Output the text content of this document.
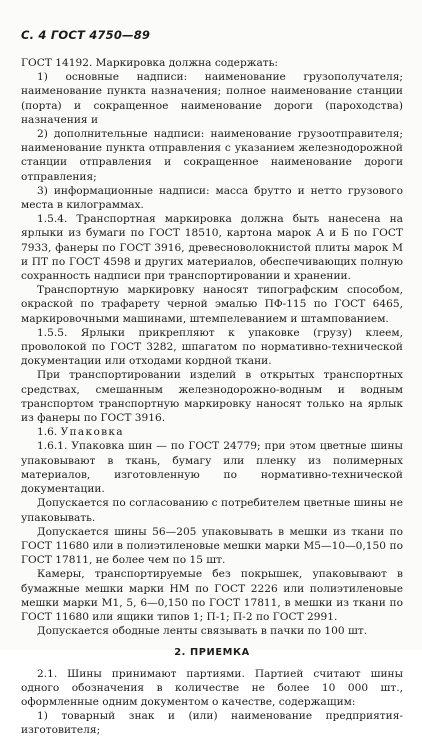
С. 4 ГОСТ 4750—89

ГОСТ 14192. Маркировка должна содержать:

1) основные надписи: наименование грузополучателя; наименование пункта назначения; полное наименование станции (порта) и сокращенное наименование дороги (пароходства) назначения и

2) дополнительные надписи: наименование грузоотправителя; наименование пункта отправления с указанием железнодорожной станции отправления и сокращенное наименование дороги отправления;

3) информационные надписи: масса брутто и нетто грузового места в килограммах.

1.5.4. Транспортная маркировка должна быть нанесена на ярлыки из бумаги по ГОСТ 18510, картона марок А и Б по ГОСТ 7933, фанеры по ГОСТ 3916, древесноволокнистой плиты марок М и ПТ по ГОСТ 4598 и других материалов, обеспечивающих полную сохранность надписи при транспортировании и хранении.

Транспортную маркировку наносят типографским способом, окраской по трафарету черной эмалью ПФ-115 по ГОСТ 6465, маркировочными машинами, штемпелеванием и штампованием.

1.5.5. Ярлыки прикрепляют к упаковке (грузу) клеем, проволокой по ГОСТ 3282, шпагатом по нормативно-технической документации или отходами кордной ткани.

При транспортировании изделий в открытых транспортных средствах, смешанным железнодорожно-водным и водным транспортом транспортную маркировку наносят только на ярлык из фанеры по ГОСТ 3916.

1.6. Упаковка

1.6.1. Упаковка шин — по ГОСТ 24779; при этом цветные шины упаковывают в ткань, бумагу или пленку из полимерных материалов, изготовленную по нормативно-технической документации.

Допускается по согласованию с потребителем цветные шины не упаковывать.

Допускается шины 56—205 упаковывать в мешки из ткани по ГОСТ 11680 или в полиэтиленовые мешки марки М5—10—0,150 по ГОСТ 17811, не более чем по 15 шт.

Камеры, транспортируемые без покрышек, упаковывают в бумажные мешки марки НМ по ГОСТ 2226 или полиэтиленовые мешки марки М1, 5, 6—0,150 по ГОСТ 17811, в мешки из ткани по ГОСТ 11680 или ящики типов 1; П-1; П-2 по ГОСТ 2991.

Допускается ободные ленты связывать в пачки по 100 шт.

2. ПРИЕМКА

2.1. Шины принимают партиями. Партией считают шины одного обозначения в количестве не более 10 000 шт., оформленные одним документом о качестве, содержащим:

1) товарный знак и (или) наименование предприятия-изготовителя;
